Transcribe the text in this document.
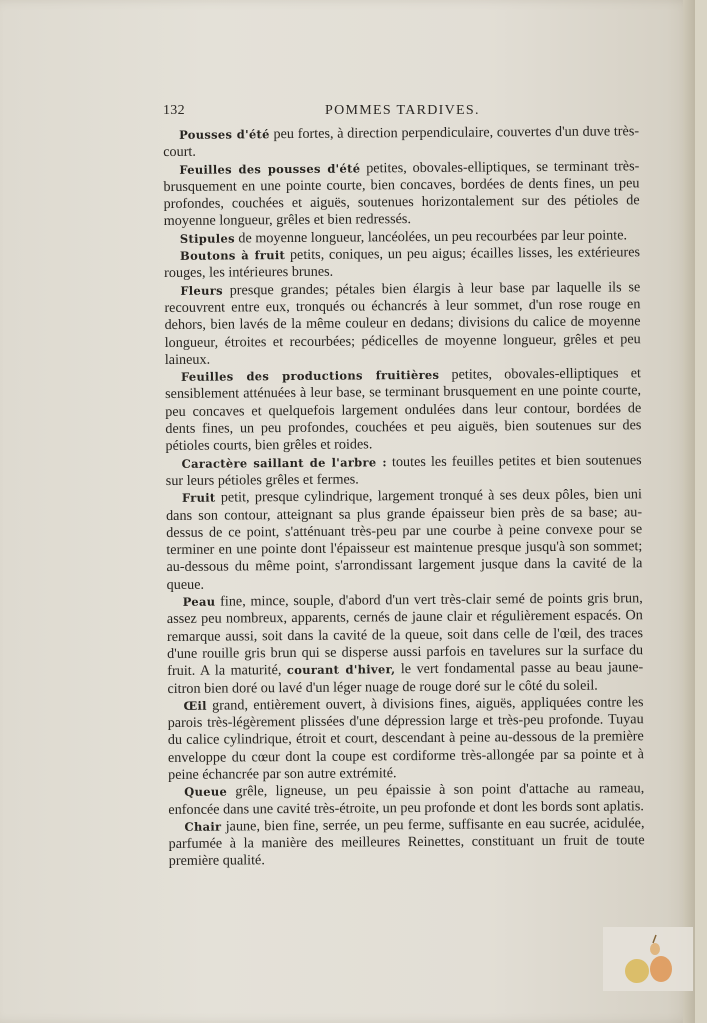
132	POMMES TARDIVES.

Pousses d'été peu fortes, à direction perpendiculaire, couvertes d'un duve très-court.

Feuilles des pousses d'été petites, obovales-elliptiques, se terminant très-brusquement en une pointe courte, bien concaves, bordées de dents fines, un peu profondes, couchées et aiguës, soutenues horizontalement sur des pétioles de moyenne longueur, grêles et bien redressés.

Stipules de moyenne longueur, lancéolées, un peu recourbées par leur pointe.

Boutons à fruit petits, coniques, un peu aigus; écailles lisses, les extérieures rouges, les intérieures brunes.

Fleurs presque grandes; pétales bien élargis à leur base par laquelle ils se recouvrent entre eux, tronqués ou échancrés à leur sommet, d'un rose rouge en dehors, bien lavés de la même couleur en dedans; divisions du calice de moyenne longueur, étroites et recourbées; pédicelles de moyenne longueur, grêles et peu laineux.

Feuilles des productions fruitières petites, obovales-elliptiques et sensiblement atténuées à leur base, se terminant brusquement en une pointe courte, peu concaves et quelquefois largement ondulées dans leur contour, bordées de dents fines, un peu profondes, couchées et peu aiguës, bien soutenues sur des pétioles courts, bien grêles et roides.

Caractère saillant de l'arbre : toutes les feuilles petites et bien soutenues sur leurs pétioles grêles et fermes.

Fruit petit, presque cylindrique, largement tronqué à ses deux pôles, bien uni dans son contour, atteignant sa plus grande épaisseur bien près de sa base; au-dessus de ce point, s'atténuant très-peu par une courbe à peine convexe pour se terminer en une pointe dont l'épaisseur est maintenue presque jusqu'à son sommet; au-dessous du même point, s'arrondissant largement jusque dans la cavité de la queue.

Peau fine, mince, souple, d'abord d'un vert très-clair semé de points gris brun, assez peu nombreux, apparents, cernés de jaune clair et régulièrement espacés. On remarque aussi, soit dans la cavité de la queue, soit dans celle de l'œil, des traces d'une rouille gris brun qui se disperse aussi parfois en tavelures sur la surface du fruit. A la maturité, courant d'hiver, le vert fondamental passe au beau jaune-citron bien doré ou lavé d'un léger nuage de rouge doré sur le côté du soleil.

Œil grand, entièrement ouvert, à divisions fines, aiguës, appliquées contre les parois très-légèrement plissées d'une dépression large et très-peu profonde. Tuyau du calice cylindrique, étroit et court, descendant à peine au-dessous de la première enveloppe du cœur dont la coupe est cordiforme très-allongée par sa pointe et à peine échancrée par son autre extrémité.

Queue grêle, ligneuse, un peu épaissie à son point d'attache au rameau, enfoncée dans une cavité très-étroite, un peu profonde et dont les bords sont aplatis.

Chair jaune, bien fine, serrée, un peu ferme, suffisante en eau sucrée, acidulée, parfumée à la manière des meilleures Reinettes, constituant un fruit de toute première qualité.
